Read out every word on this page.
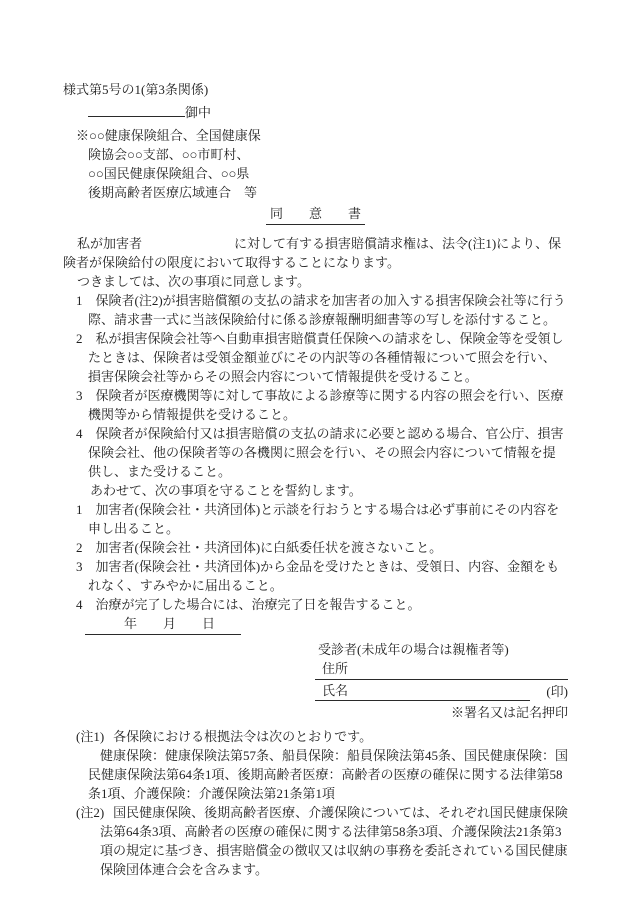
様式第5号の1(第3条関係)
御中
※○○健康保険組合、全国健康保
険協会○○支部、○○市町村、
○○国民健康保険組合、○○県
後期高齢者医療広域連合　等
同　　意　　書

私が加害者	に対して有する損害賠償請求権は、法令(注1)により、保険者が保険給付の限度において取得することになります。

つきましては、次の事項に同意します。

1　保険者(注2)が損害賠償額の支払の請求を加害者の加入する損害保険会社等に行う際、請求書一式に当該保険給付に係る診療報酬明細書等の写しを添付すること。
2　私が損害保険会社等へ自動車損害賠償責任保険への請求をし、保険金等を受領したときは、保険者は受領金額並びにその内訳等の各種情報について照会を行い、損害保険会社等からその照会内容について情報提供を受けること。
3　保険者が医療機関等に対して事故による診療等に関する内容の照会を行い、医療機関等から情報提供を受けること。
4　保険者が保険給付又は損害賠償の支払の請求に必要と認める場合、官公庁、損害保険会社、他の保険者等の各機関に照会を行い、その照会内容について情報を提供し、また受けること。

あわせて、次の事項を守ることを誓約します。

1　加害者(保険会社・共済団体)と示談を行おうとする場合は必ず事前にその内容を申し出ること。
2　加害者(保険会社・共済団体)に白紙委任状を渡さないこと。
3　加害者(保険会社・共済団体)から金品を受けたときは、受領日、内容、金額をもれなく、すみやかに届出ること。
4　治療が完了した場合には、治療完了日を報告すること。
　　　年　　月　　日　　
受診者(未成年の場合は親権者等)
住所
氏名	(印)
※署名又は記名押印
(注1) 各保険における根拠法令は次のとおりです。
健康保険：健康保険法第57条、船員保険：船員保険法第45条、国民健康保険：国民健康保険法第64条1項、後期高齢者医療：高齢者の医療の確保に関する法律第58条1項、介護保険：介護保険法第21条第1項
(注2) 国民健康保険、後期高齢者医療、介護保険については、それぞれ国民健康保険法第64条3項、高齢者の医療の確保に関する法律第58条3項、介護保険法21条第3項の規定に基づき、損害賠償金の徴収又は収納の事務を委託されている国民健康保険団体連合会を含みます。
